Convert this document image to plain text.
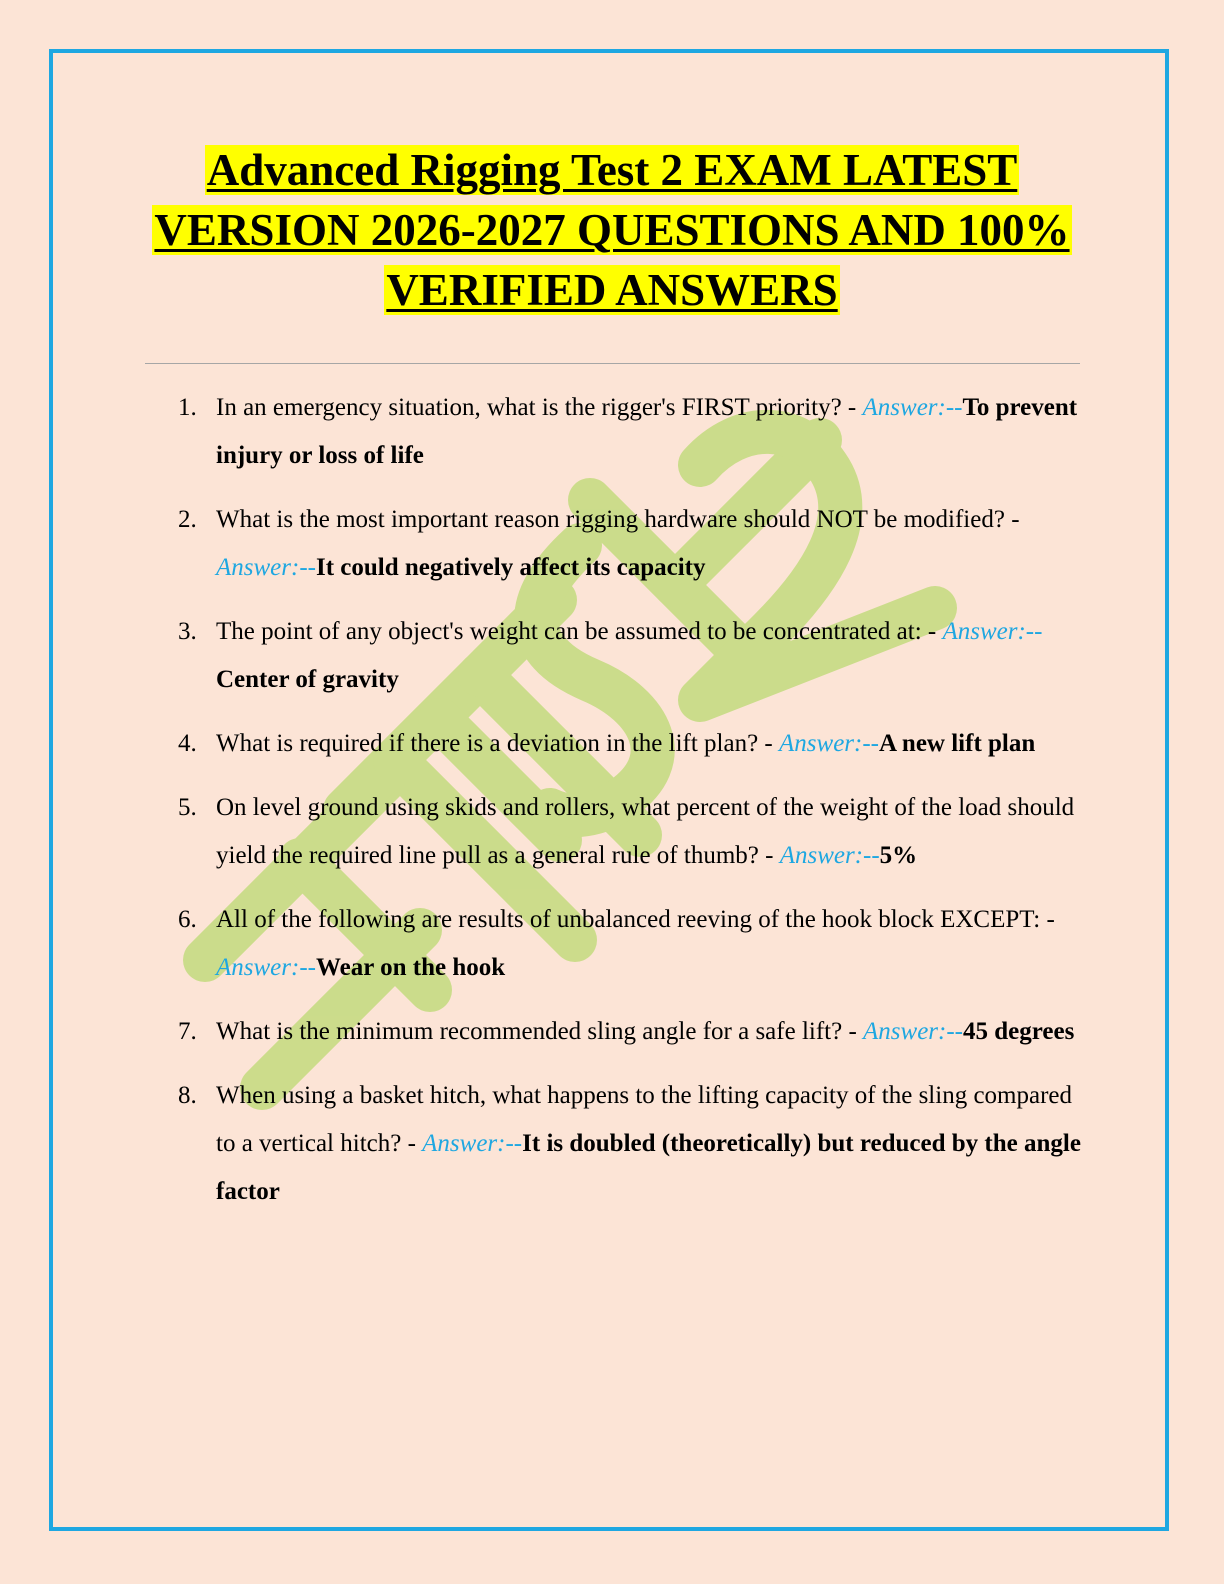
Advanced Rigging Test 2 EXAM LATEST VERSION 2026-2027 QUESTIONS AND 100% VERIFIED ANSWERS
1. In an emergency situation, what is the rigger's FIRST priority? - Answer:--To prevent injury or loss of life
2. What is the most important reason rigging hardware should NOT be modified? - Answer:--It could negatively affect its capacity
3. The point of any object's weight can be assumed to be concentrated at: - Answer:--Center of gravity
4. What is required if there is a deviation in the lift plan? - Answer:--A new lift plan
5. On level ground using skids and rollers, what percent of the weight of the load should yield the required line pull as a general rule of thumb? - Answer:--5%
6. All of the following are results of unbalanced reeving of the hook block EXCEPT: - Answer:--Wear on the hook
7. What is the minimum recommended sling angle for a safe lift? - Answer:--45 degrees
8. When using a basket hitch, what happens to the lifting capacity of the sling compared to a vertical hitch? - Answer:--It is doubled (theoretically) but reduced by the angle factor
